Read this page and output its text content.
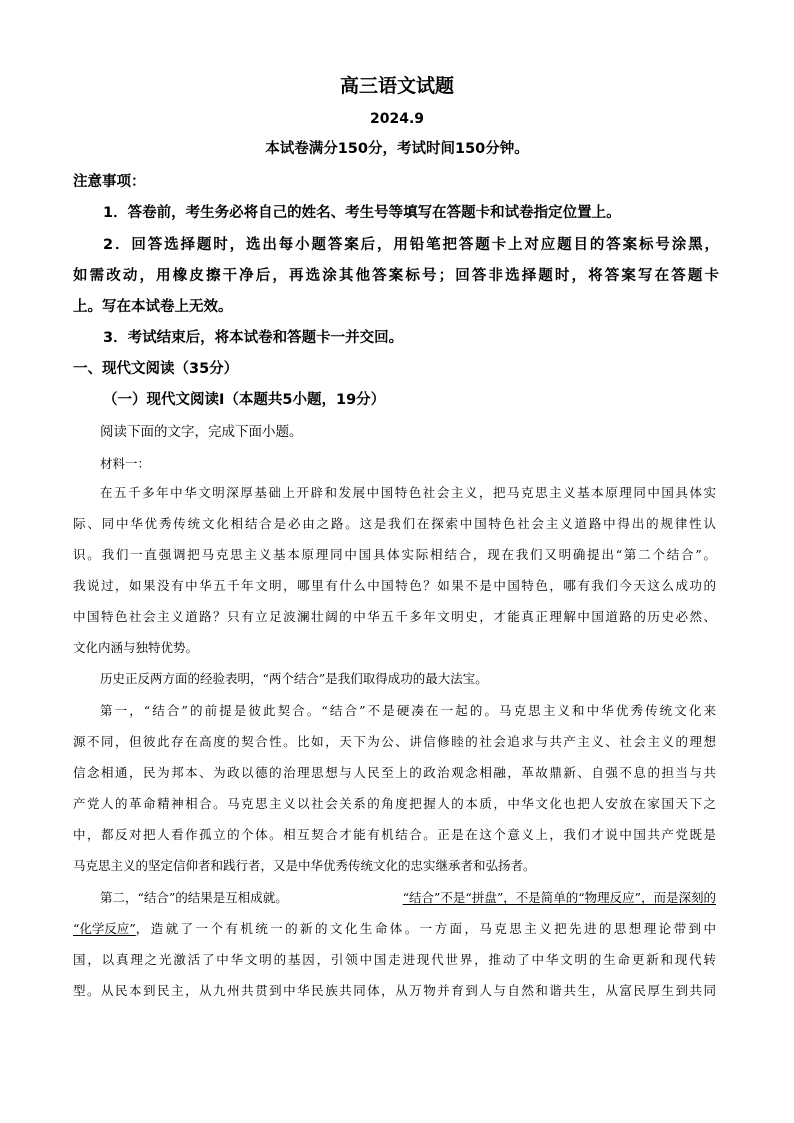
高三语文试题
2024.9
本试卷满分150分，考试时间150分钟。
注意事项：
1．答卷前，考生务必将自己的姓名、考生号等填写在答题卡和试卷指定位置上。
2．回答选择题时，选出每小题答案后，用铅笔把答题卡上对应题目的答案标号涂黑，
如需改动，用橡皮擦干净后，再选涂其他答案标号；回答非选择题时，将答案写在答题卡
上。写在本试卷上无效。
3．考试结束后，将本试卷和答题卡一并交回。
一、现代文阅读（35分）
（一）现代文阅读Ⅰ（本题共5小题，19分）
阅读下面的文字，完成下面小题。
材料一：
在五千多年中华文明深厚基础上开辟和发展中国特色社会主义，把马克思主义基本原理同中国具体实
际、同中华优秀传统文化相结合是必由之路。这是我们在探索中国特色社会主义道路中得出的规律性认
识。我们一直强调把马克思主义基本原理同中国具体实际相结合，现在我们又明确提出“第二个结合”。
我说过，如果没有中华五千年文明，哪里有什么中国特色？如果不是中国特色，哪有我们今天这么成功的
中国特色社会主义道路？只有立足波澜壮阔的中华五千多年文明史，才能真正理解中国道路的历史必然、
文化内涵与独特优势。
历史正反两方面的经验表明，“两个结合”是我们取得成功的最大法宝。
第一，“结合”的前提是彼此契合。“结合”不是硬凑在一起的。马克思主义和中华优秀传统文化来
源不同，但彼此存在高度的契合性。比如，天下为公、讲信修睦的社会追求与共产主义、社会主义的理想
信念相通，民为邦本、为政以德的治理思想与人民至上的政治观念相融，革故鼎新、自强不息的担当与共
产党人的革命精神相合。马克思主义以社会关系的角度把握人的本质，中华文化也把人安放在家国天下之
中，都反对把人看作孤立的个体。相互契合才能有机结合。正是在这个意义上，我们才说中国共产党既是
马克思主义的坚定信仰者和践行者，又是中华优秀传统文化的忠实继承者和弘扬者。
第二，“结合”的结果是互相成就。	“结合”不是“拼盘”，不是简单的“物理反应”，而是深刻的
“化学反应” ，造就了一个有机统一的新的文化生命体。一方面，马克思主义把先进的思想理论带到中
国，以真理之光激活了中华文明的基因，引领中国走进现代世界，推动了中华文明的生命更新和现代转
型。从民本到民主，从九州共贯到中华民族共同体，从万物并育到人与自然和谐共生，从富民厚生到共同
